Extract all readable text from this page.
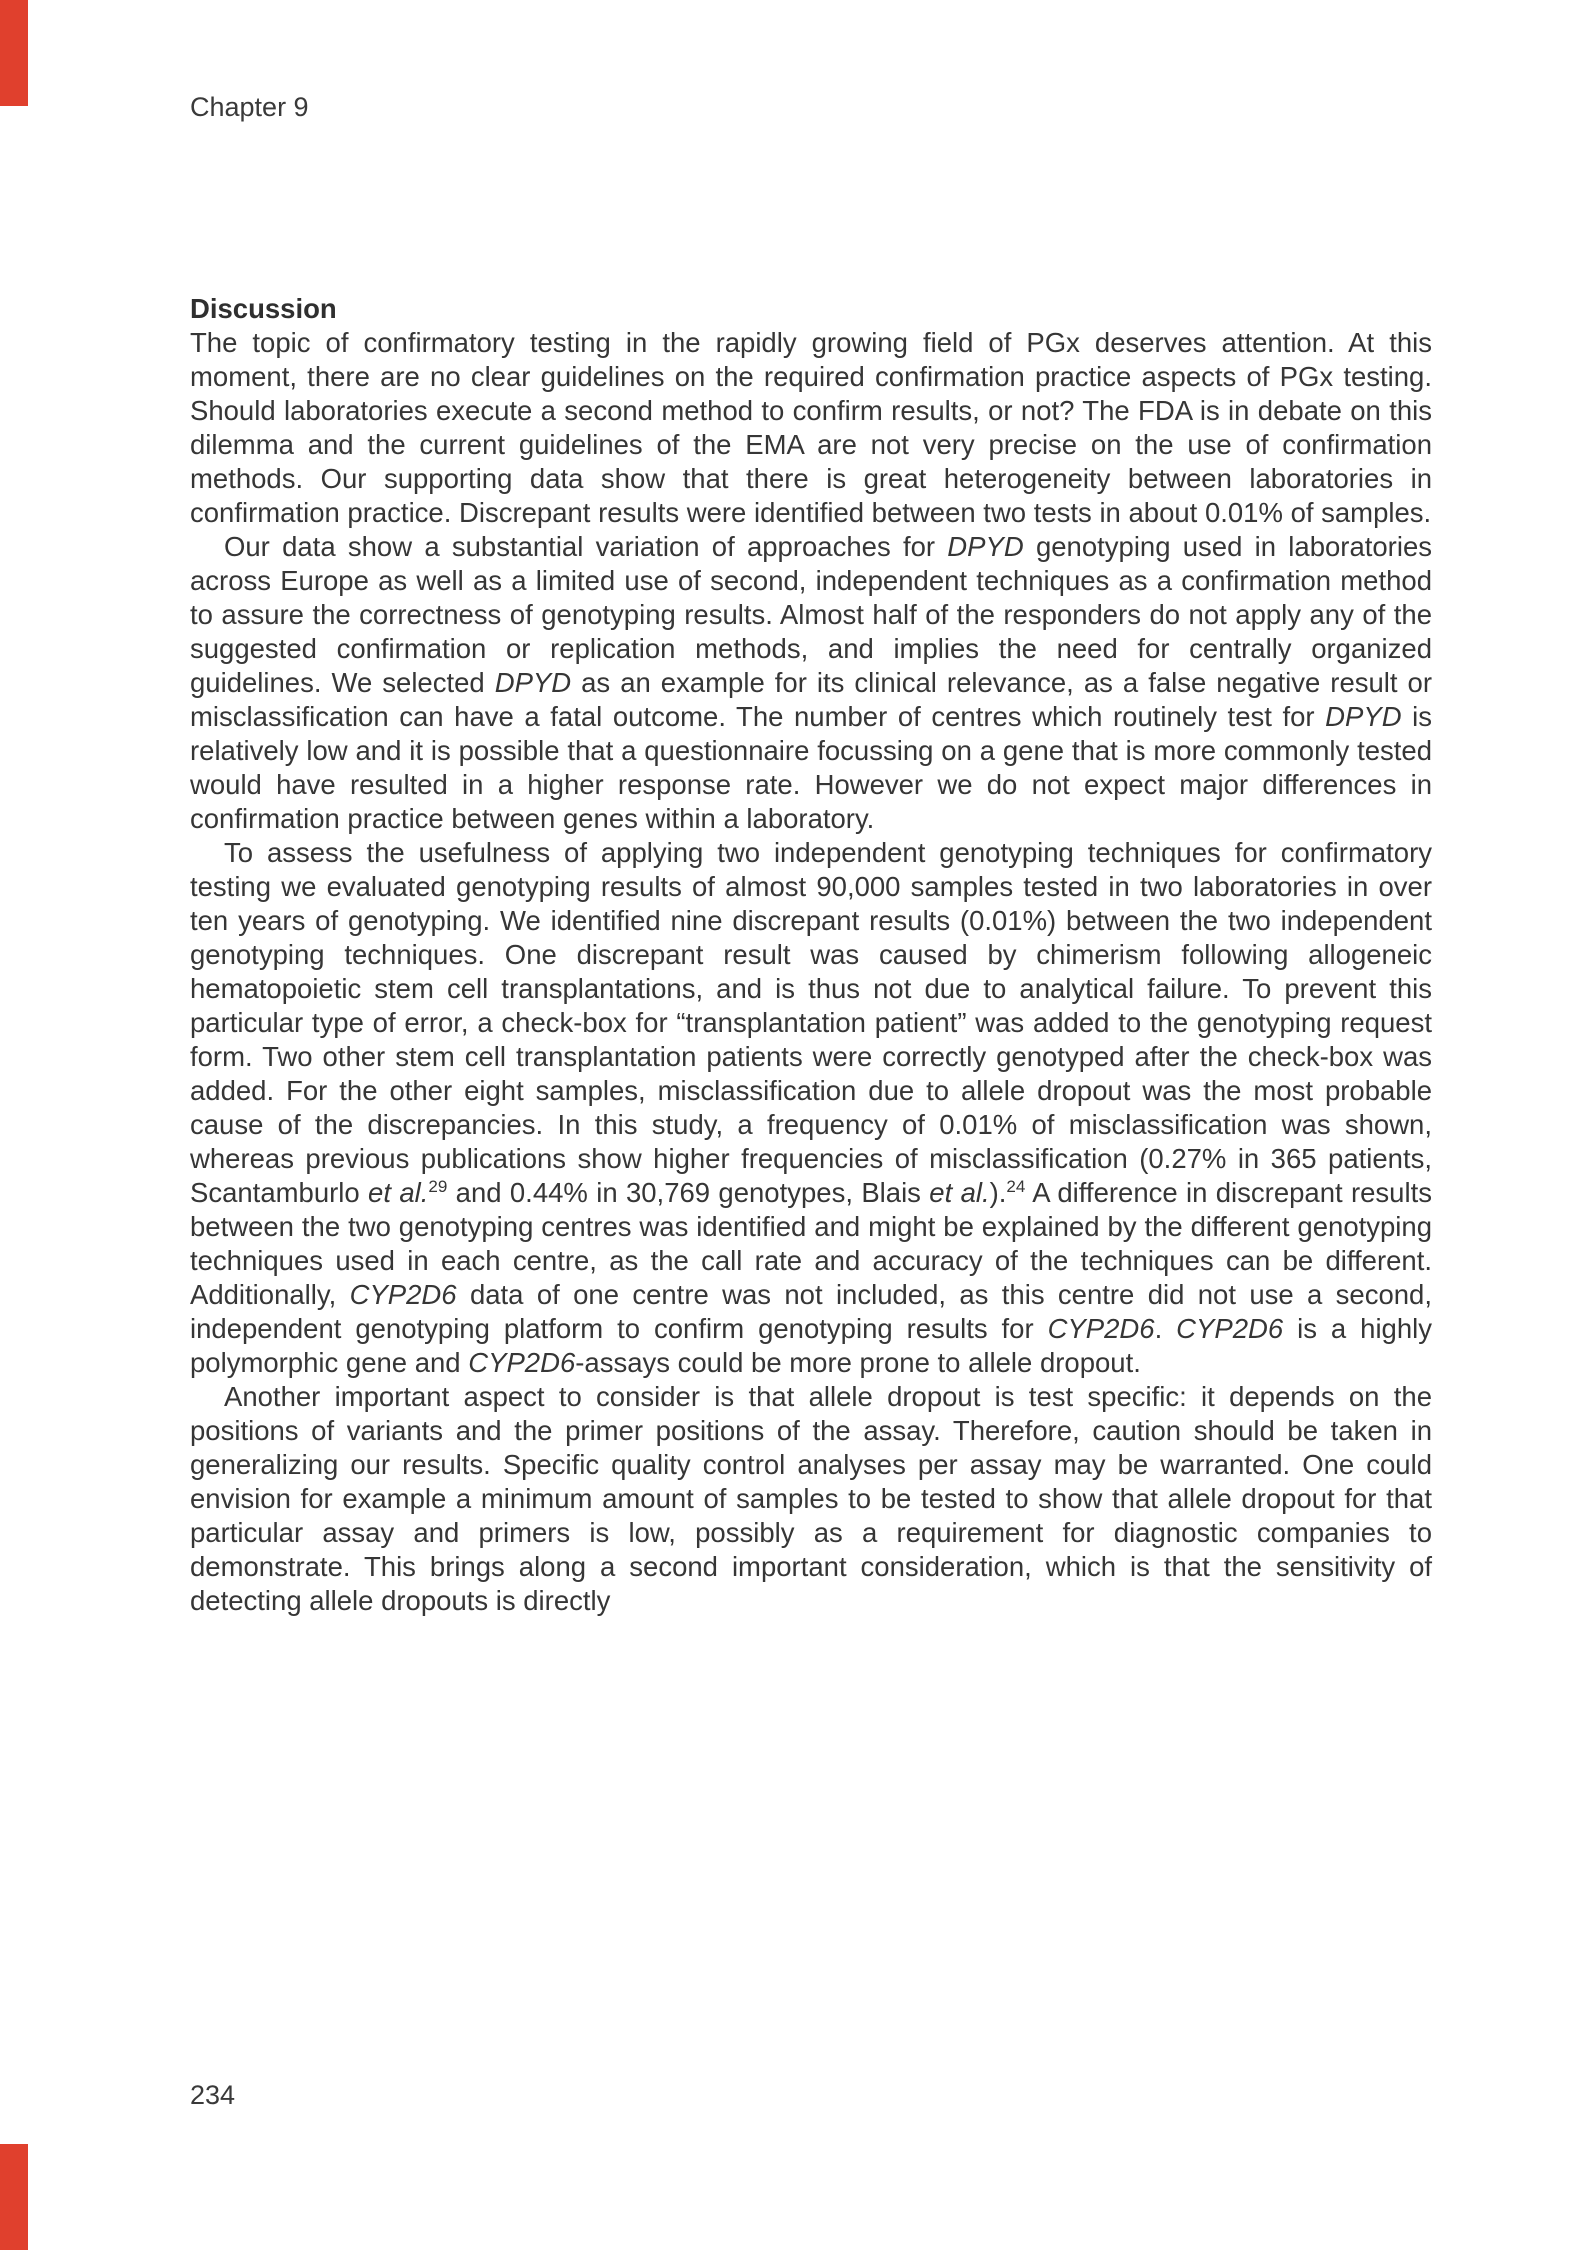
Chapter 9
Discussion

The topic of confirmatory testing in the rapidly growing field of PGx deserves attention. At this moment, there are no clear guidelines on the required confirmation practice aspects of PGx testing. Should laboratories execute a second method to confirm results, or not? The FDA is in debate on this dilemma and the current guidelines of the EMA are not very precise on the use of confirmation methods. Our supporting data show that there is great heterogeneity between laboratories in confirmation practice. Discrepant results were identified between two tests in about 0.01% of samples.

Our data show a substantial variation of approaches for DPYD genotyping used in laboratories across Europe as well as a limited use of second, independent techniques as a confirmation method to assure the correctness of genotyping results. Almost half of the responders do not apply any of the suggested confirmation or replication methods, and implies the need for centrally organized guidelines. We selected DPYD as an example for its clinical relevance, as a false negative result or misclassification can have a fatal outcome. The number of centres which routinely test for DPYD is relatively low and it is possible that a questionnaire focussing on a gene that is more commonly tested would have resulted in a higher response rate. However we do not expect major differences in confirmation practice between genes within a laboratory.

To assess the usefulness of applying two independent genotyping techniques for confirmatory testing we evaluated genotyping results of almost 90,000 samples tested in two laboratories in over ten years of genotyping. We identified nine discrepant results (0.01%) between the two independent genotyping techniques. One discrepant result was caused by chimerism following allogeneic hematopoietic stem cell transplantations, and is thus not due to analytical failure. To prevent this particular type of error, a check-box for “transplantation patient” was added to the genotyping request form. Two other stem cell transplantation patients were correctly genotyped after the check-box was added. For the other eight samples, misclassification due to allele dropout was the most probable cause of the discrepancies. In this study, a frequency of 0.01% of misclassification was shown, whereas previous publications show higher frequencies of misclassification (0.27% in 365 patients, Scantamburlo et al.$^{29}$ and 0.44% in 30,769 genotypes, Blais et al.).$^{24}$ A difference in discrepant results between the two genotyping centres was identified and might be explained by the different genotyping techniques used in each centre, as the call rate and accuracy of the techniques can be different. Additionally, CYP2D6 data of one centre was not included, as this centre did not use a second, independent genotyping platform to confirm genotyping results for CYP2D6. CYP2D6 is a highly polymorphic gene and CYP2D6-assays could be more prone to allele dropout.

Another important aspect to consider is that allele dropout is test specific: it depends on the positions of variants and the primer positions of the assay. Therefore, caution should be taken in generalizing our results. Specific quality control analyses per assay may be warranted. One could envision for example a minimum amount of samples to be tested to show that allele dropout for that particular assay and primers is low, possibly as a requirement for diagnostic companies to demonstrate. This brings along a second important consideration, which is that the sensitivity of detecting allele dropouts is directly

234
